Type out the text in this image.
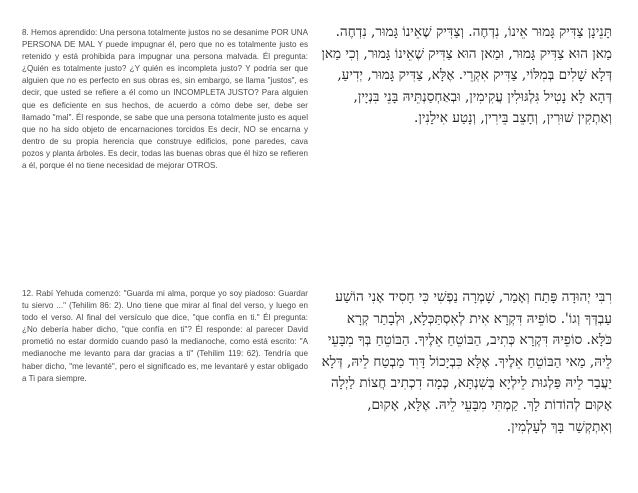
8. Hemos aprendido: Una persona totalmente justos no se desanime POR UNA PERSONA DE MAL Y puede impugnar él, pero que no es totalmente justo es retenido y está prohibida para impugnar una persona malvada. Él pregunta: ¿Quién es totalmente justo? ¿Y quién es incompleta justo? Y podría ser que alguien que no es perfecto en sus obras es, sin embargo, se llama "justos", es decir, que usted se refiere a él como un INCOMPLETA JUSTO? Para alguien que es deficiente en sus hechos, de acuerdo a cómo debe ser, debe ser llamado "mal". Él responde, se sabe que una persona totalmente justo es aquel que no ha sido objeto de encarnaciones torcidos Es decir, NO se encarna y dentro de su propia herencia que construye edificios, pone paredes, cava pozos y planta árboles. Es decir, todas las buenas obras que él hizo se refieren a él, porque él no tiene necesidad de mejorar OTROS.

תָּנֵינָן צַדִּיק גָּמוּר אֵינוֹ, נִדְחֶה. וְצַדִּיק שֶׁאֵינוֹ גָּמוּר, נִדְחֶה. מַאן הוּא צַדִּיק גָּמוּר, וּמַאן הוּא צַדִּיק שֶׁאֵינוֹ גָּמוּר, וְכִי מַאן דְּלָא שָׁלִים בְּמִלּוֹי, צַדִּיק אִקְרֵי. אֶלָּא, צַדִּיק גָּמוּר, יְדִיעַ, דְּהָא לָא נָטִיל גִּלְגּוּלִין עֲקִימִין, וּבְאַחְסַנְתֵּיהּ בָּנֵי בִּנְיָין, וְאַתְקִין שׁוּרִין, וְחָצֵב בֵּירִין, וְנָטַע אִילָנִין.

12. Rabí Yehuda comenzó: "Guarda mi alma, porque yo soy piadoso: Guardar tu siervo ..." (Tehilim 86: 2). Uno tiene que mirar al final del verso, y luego en todo el verso. Al final del versículo que dice, "que confía en ti." Él pregunta: ¿No debería haber dicho, "que confía en ti"? Él responde: al parecer David prometió no estar dormido cuando pasó la medianoche, como está escrito: "A medianoche me levanto para dar gracias a ti" (Tehilim 119: 62). Tendría que haber dicho, "me levanté", pero el significado es, me levantaré y estar obligado a Ti para siempre.

רִבִּי יְהוּדָה פָּתַח וְאָמַר, שָׁמְרָה נַפְשִׁי כִּי חָסִיד אָנִי הוֹשַׁע עַבְדְּךָ וְגוֹ'. סוֹפֵיהּ דִּקְרָא אִית לְאִסְתַּכְּלָא, וּלְבָתַר קְרָא כֹּלָּא. סוֹפֵיהּ דִּקְרָא כְּתִיב, הַבּוֹטֵחַ אֵלֶיךָ. הַבּוֹטֵחַ בְּךָ מִבָּעֵי לֵיהּ, מַאי הַבּוֹטֵחַ אֵלֶיךָ. אֶלָּא כִּבְיָכוֹל דָּוִד מַבְטַח לֵיהּ, דְּלָא יַעֲבַר לֵיהּ פַּלְגוּת לֵילְיָא בְּשִׁנְתָּא, כְּמָה דִכְתִיב חֲצוֹת לַיְלָה אָקוּם לְהוֹדוֹת לָךְ. קַמְתִּי מִבָּעֵי לֵיהּ. אֶלָּא, אָקוּם, וְאִתְקְשַׁר בָּךְ לְעָלְמִין.
